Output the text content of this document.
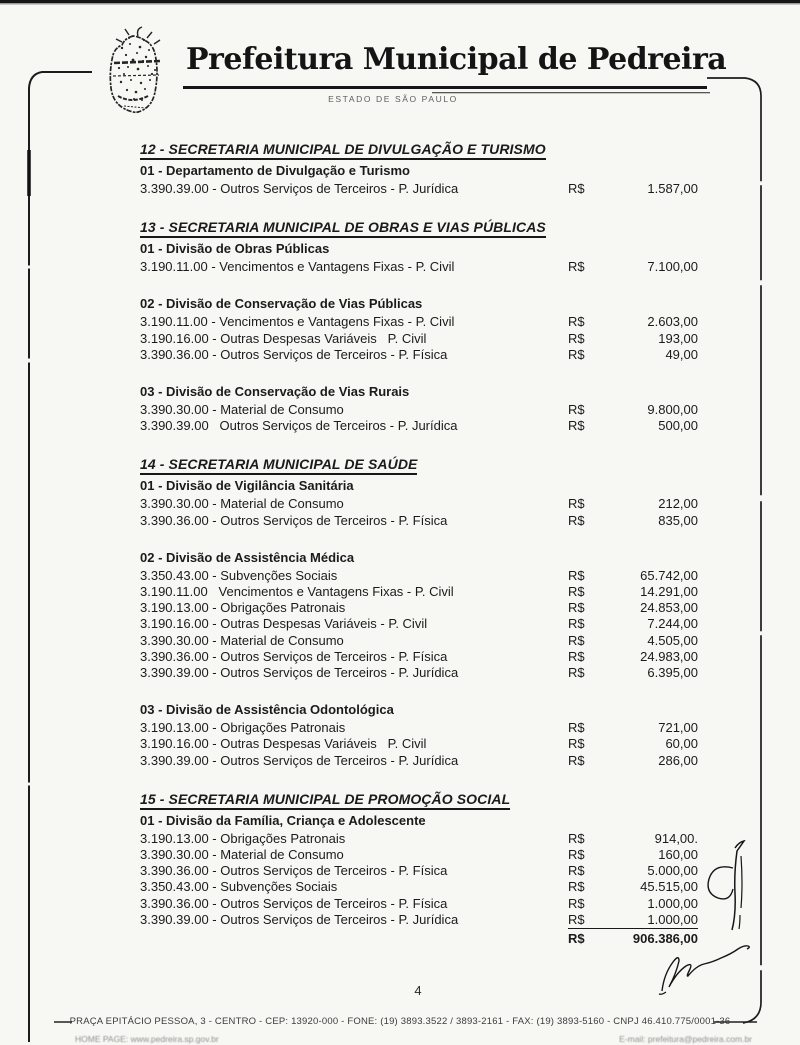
Prefeitura Municipal de Pedreira
ESTADO DE SÃO PAULO
12 - SECRETARIA MUNICIPAL DE DIVULGAÇÃO E TURISMO
01 - Departamento de Divulgação e Turismo
3.390.39.00 - Outros Serviços de Terceiros - P. Jurídica	R$	1.587,00
13 - SECRETARIA MUNICIPAL DE OBRAS E VIAS PÚBLICAS
01 - Divisão de Obras Públicas
3.190.11.00 - Vencimentos e Vantagens Fixas - P. Civil	R$	7.100,00
02 - Divisão de Conservação de Vias Públicas
3.190.11.00 - Vencimentos e Vantagens Fixas - P. Civil	R$	2.603,00
3.190.16.00 - Outras Despesas Variáveis   P. Civil	R$	193,00
3.390.36.00 - Outros Serviços de Terceiros - P. Física	R$	49,00
03 - Divisão de Conservação de Vias Rurais
3.390.30.00 - Material de Consumo	R$	9.800,00
3.390.39.00   Outros Serviços de Terceiros - P. Jurídica	R$	500,00
14 - SECRETARIA MUNICIPAL DE SAÚDE
01 - Divisão de Vigilância Sanitária
3.390.30.00 - Material de Consumo	R$	212,00
3.390.36.00 - Outros Serviços de Terceiros - P. Física	R$	835,00
02 - Divisão de Assistência Médica
3.350.43.00 - Subvenções Sociais	R$	65.742,00
3.190.11.00   Vencimentos e Vantagens Fixas - P. Civil	R$	14.291,00
3.190.13.00 - Obrigações Patronais	R$	24.853,00
3.190.16.00 - Outras Despesas Variáveis - P. Civil	R$	7.244,00
3.390.30.00 - Material de Consumo	R$	4.505,00
3.390.36.00 - Outros Serviços de Terceiros - P. Física	R$	24.983,00
3.390.39.00 - Outros Serviços de Terceiros - P. Jurídica	R$	6.395,00
03 - Divisão de Assistência Odontológica
3.190.13.00 - Obrigações Patronais	R$	721,00
3.190.16.00 - Outras Despesas Variáveis   P. Civil	R$	60,00
3.390.39.00 - Outros Serviços de Terceiros - P. Jurídica	R$	286,00
15 - SECRETARIA MUNICIPAL DE PROMOÇÃO SOCIAL
01 - Divisão da Família, Criança e Adolescente
3.190.13.00 - Obrigações Patronais	R$	914,00.
3.390.30.00 - Material de Consumo	R$	160,00
3.390.36.00 - Outros Serviços de Terceiros - P. Física	R$	5.000,00
3.350.43.00 - Subvenções Sociais	R$	45.515,00
3.390.36.00 - Outros Serviços de Terceiros - P. Física	R$	1.000,00
3.390.39.00 - Outros Serviços de Terceiros - P. Jurídica	R$	1.000,00
R$	906.386,00
4
PRAÇA EPITÁCIO PESSOA, 3 - CENTRO - CEP: 13920-000 - FONE: (19) 3893.3522 / 3893-2161 - FAX: (19) 3893-5160 - CNPJ 46.410.775/0001-36
HOME PAGE: www.pedreira.sp.gov.br	E-mail: prefeitura@pedreira.com.br
